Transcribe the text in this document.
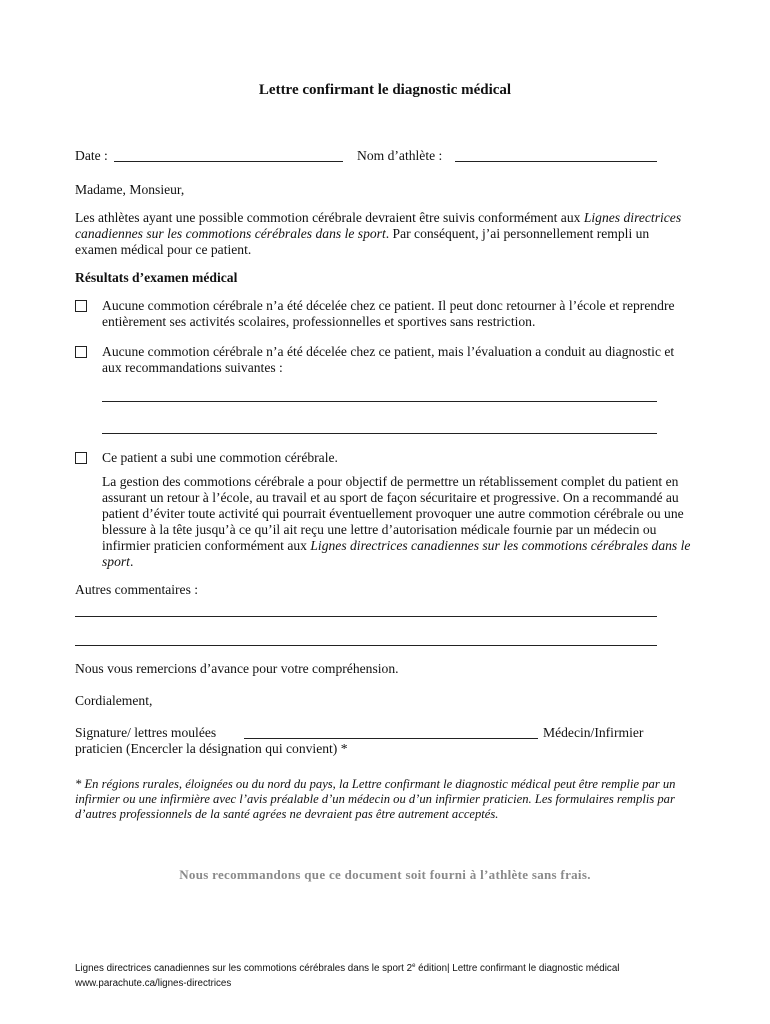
Lettre confirmant le diagnostic médical
Date :	Nom d’athlète :
Madame, Monsieur,
Les athlètes ayant une possible commotion cérébrale devraient être suivis conformément aux Lignes directrices canadiennes sur les commotions cérébrales dans le sport. Par conséquent, j’ai personnellement rempli un examen médical pour ce patient.
Résultats d’examen médical
Aucune commotion cérébrale n’a été décelée chez ce patient. Il peut donc retourner à l’école et reprendre entièrement ses activités scolaires, professionnelles et sportives sans restriction.
Aucune commotion cérébrale n’a été décelée chez ce patient, mais l’évaluation a conduit au diagnostic et aux recommandations suivantes :
Ce patient a subi une commotion cérébrale.
La gestion des commotions cérébrale a pour objectif de permettre un rétablissement complet du patient en assurant un retour à l’école, au travail et au sport de façon sécuritaire et progressive. On a recommandé au patient d’éviter toute activité qui pourrait éventuellement provoquer une autre commotion cérébrale ou une blessure à la tête jusqu’à ce qu’il ait reçu une lettre d’autorisation médicale fournie par un médecin ou infirmier praticien conformément aux Lignes directrices canadiennes sur les commotions cérébrales dans le sport.
Autres commentaires :
Nous vous remercions d’avance pour votre compréhension.
Cordialement,
Signature/ lettres moulées	Médecin/Infirmier
praticien (Encercler la désignation qui convient) *
* En régions rurales, éloignées ou du nord du pays, la Lettre confirmant le diagnostic médical peut être remplie par un infirmier ou une infirmière avec l’avis préalable d’un médecin ou d’un infirmier praticien. Les formulaires remplis par d’autres professionnels de la santé agrées ne devraient pas être autrement acceptés.
Nous recommandons que ce document soit fourni à l’athlète sans frais.
Lignes directrices canadiennes sur les commotions cérébrales dans le sport 2e édition| Lettre confirmant le diagnostic médical
www.parachute.ca/lignes-directrices
